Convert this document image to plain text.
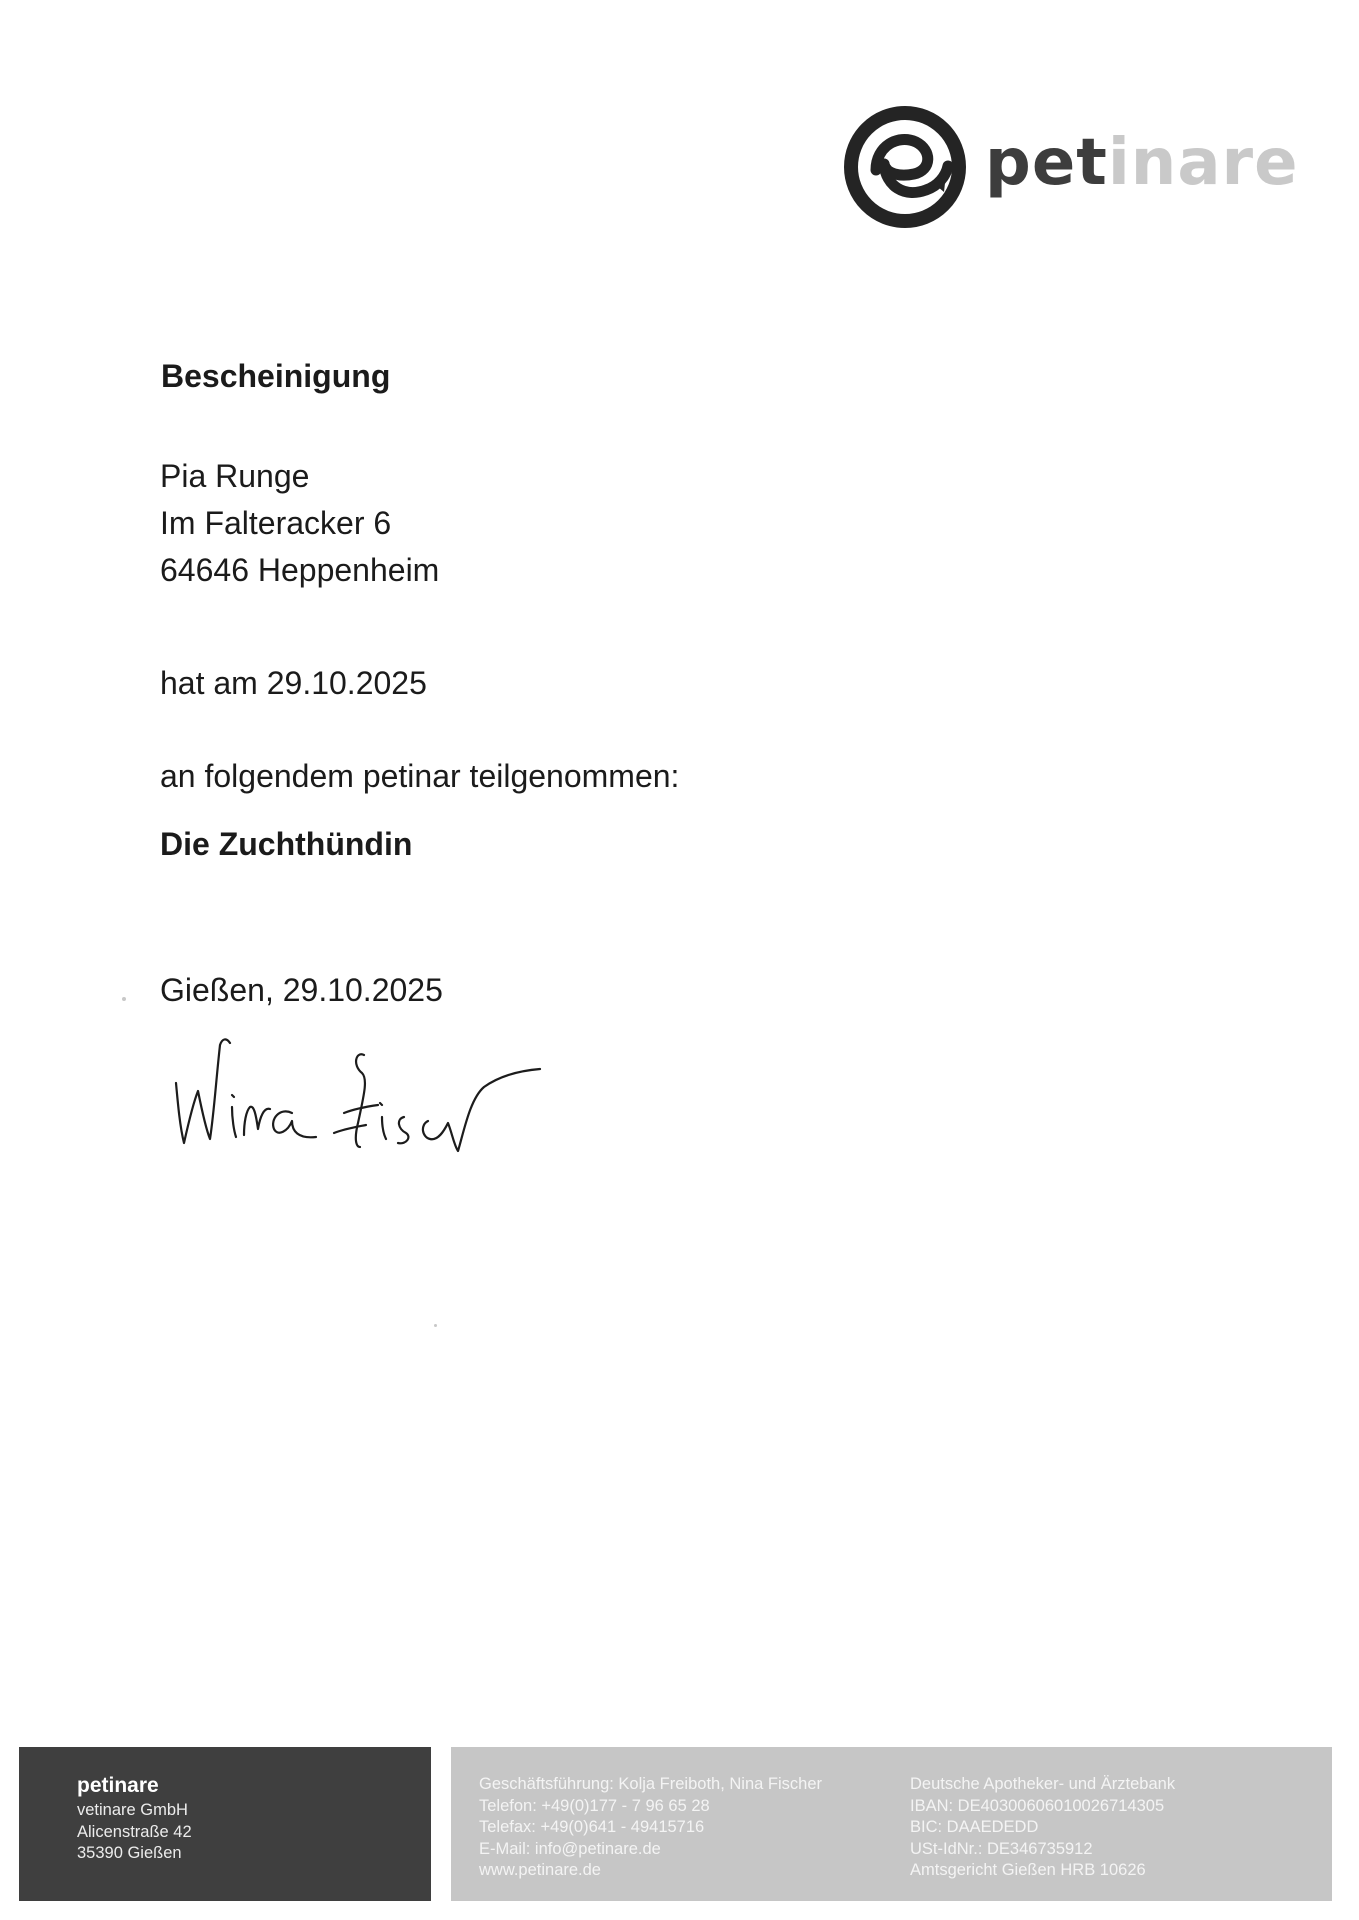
petinare
Bescheinigung
Pia Runge
Im Falteracker 6
64646 Heppenheim

hat am 29.10.2025

an folgendem petinar teilgenommen:

Die Zuchthündin

Gießen, 29.10.2025

petinare
vetinare GmbH
Alicenstraße 42
35390 Gießen
Geschäftsführung: Kolja Freiboth, Nina Fischer
Telefon: +49(0)177 - 7 96 65 28
Telefax: +49(0)641 - 49415716
E-Mail: info@petinare.de
www.petinare.de
Deutsche Apotheker- und Ärztebank
IBAN: DE40300606010026714305
BIC: DAAEDEDD
USt-IdNr.: DE346735912
Amtsgericht Gießen HRB 10626
